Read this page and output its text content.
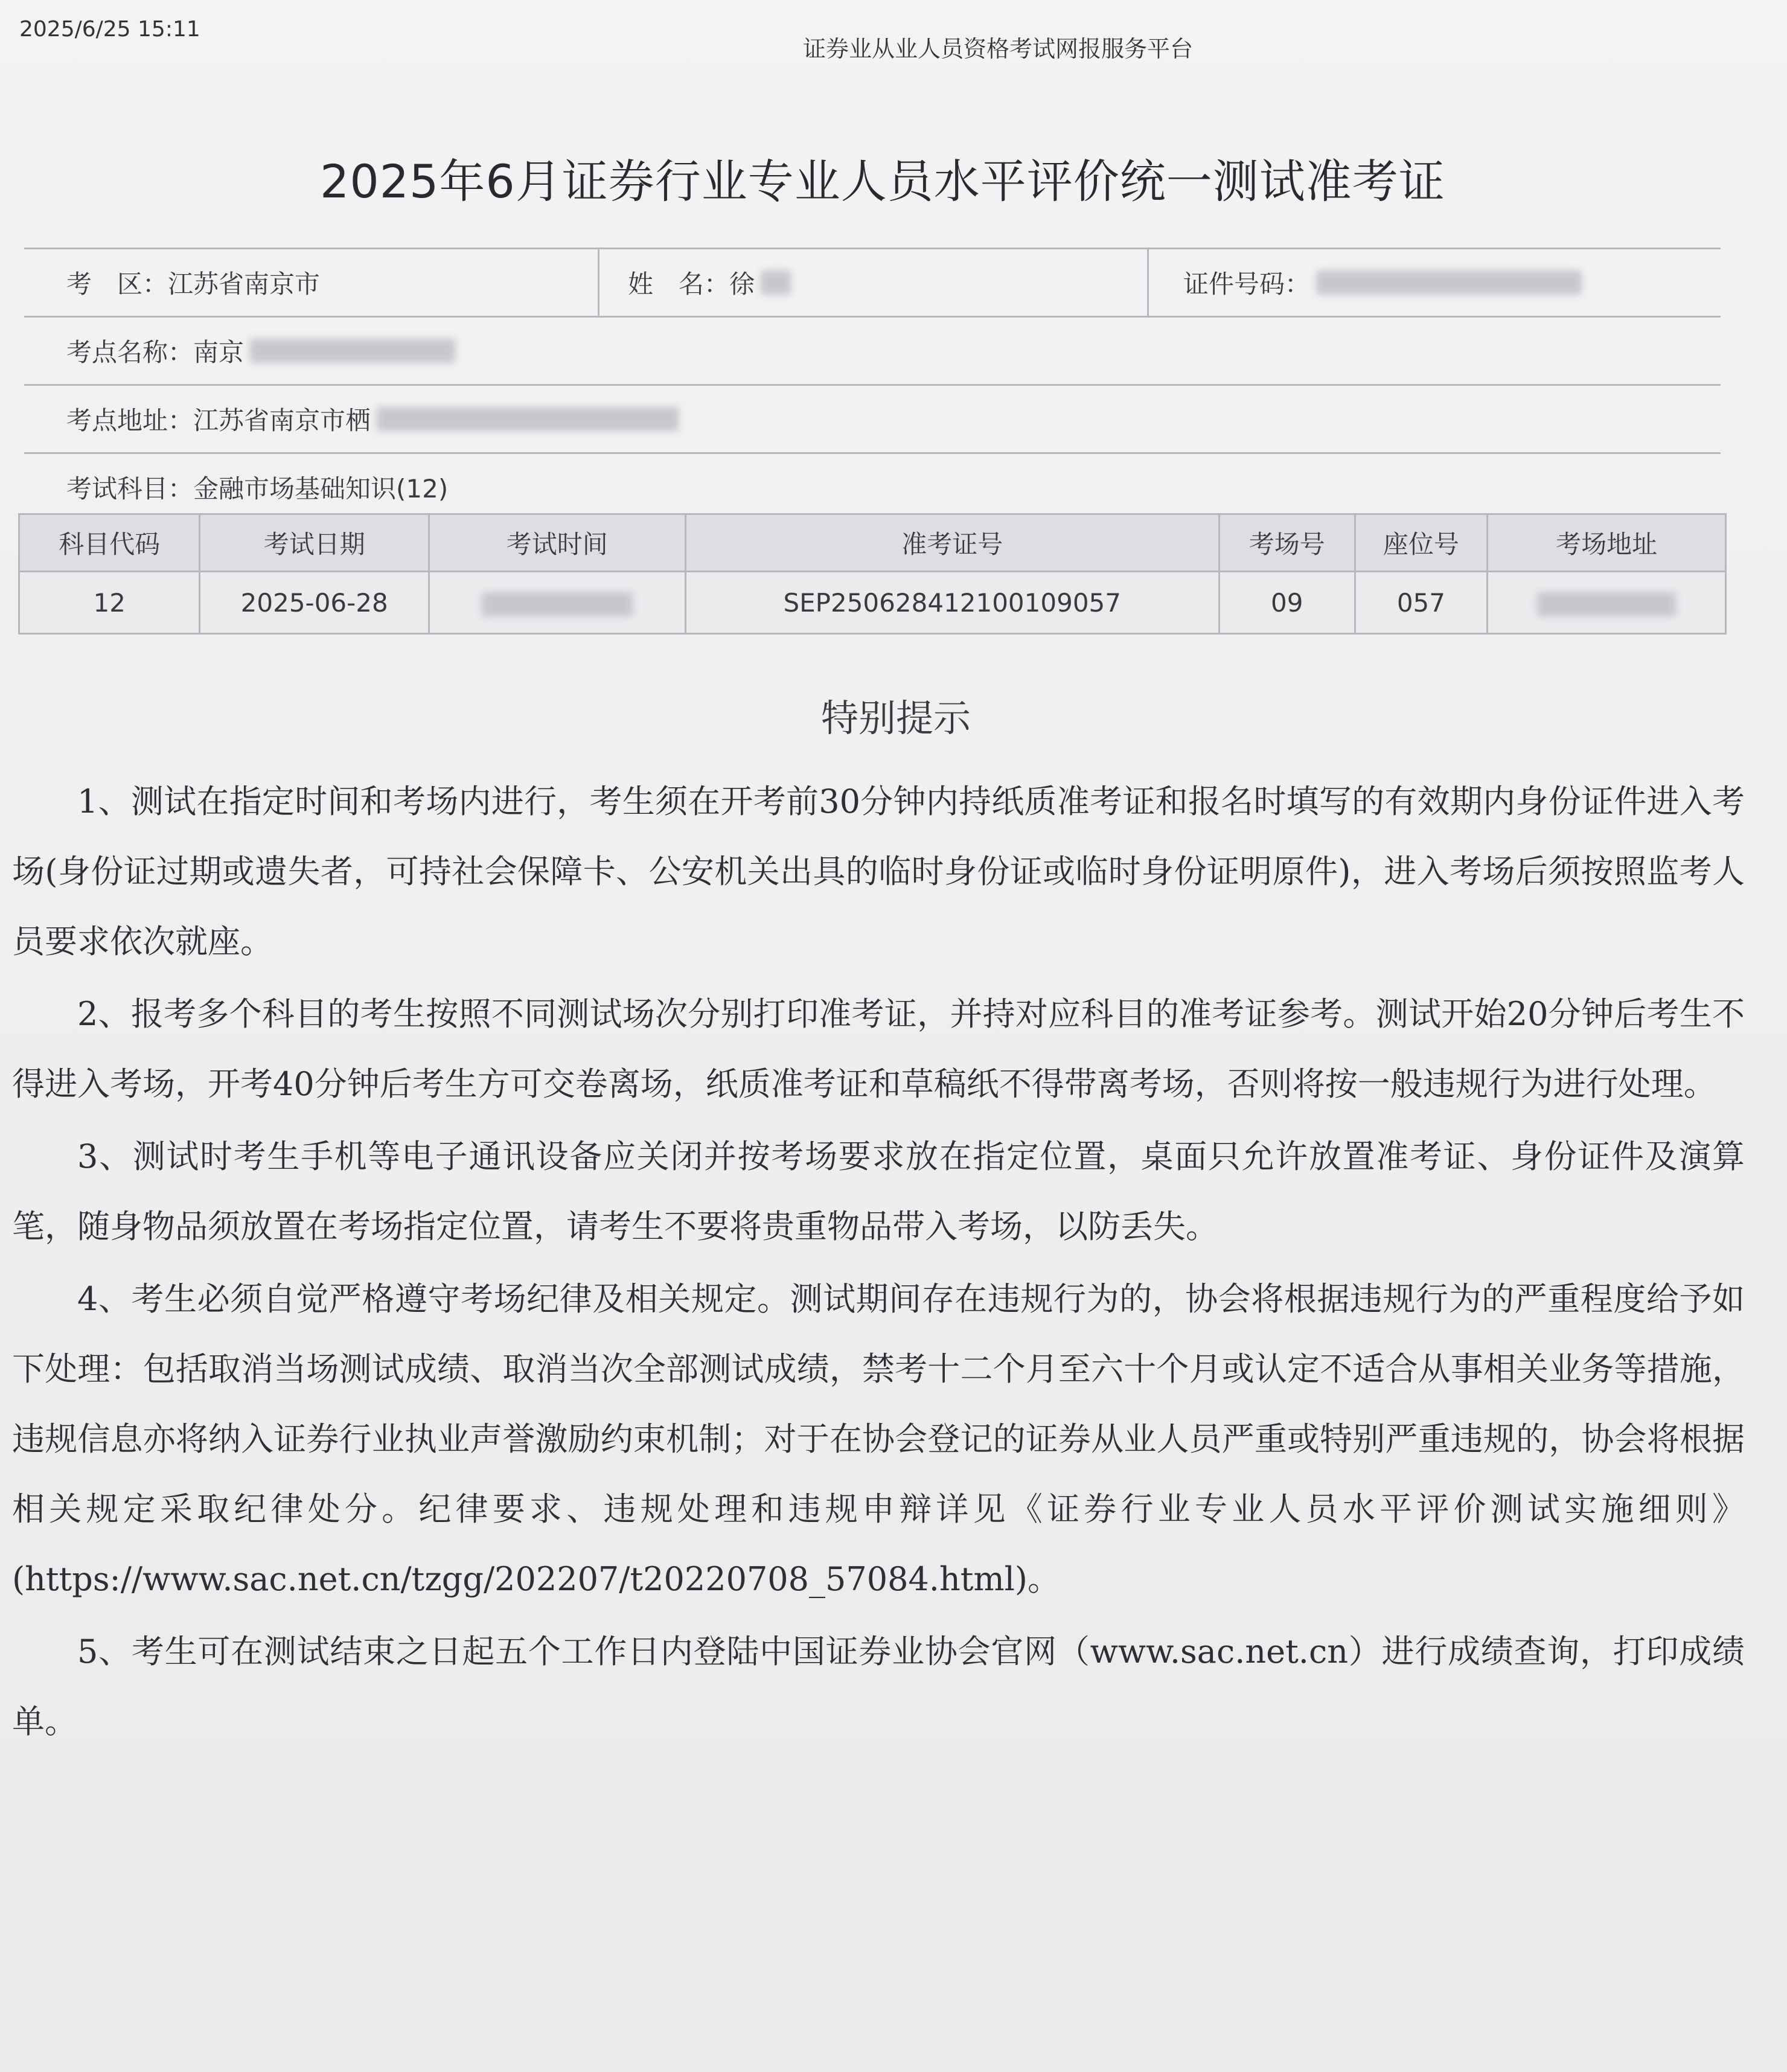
2025/6/25 15:11
证券业从业人员资格考试网报服务平台
2025年6月证券行业专业人员水平评价统一测试准考证
考　区： 江苏省南京市	姓　名： 徐	证件号码：
考点名称： 南京
考点地址： 江苏省南京市栖
考试科目： 金融市场基础知识(12)
科目代码	考试日期	考试时间	准考证号	考场号	座位号	考场地址
12	2025-06-28		SEP250628412100109057	09	057	
特别提示

1、测试在指定时间和考场内进行，考生须在开考前30分钟内持纸质准考证和报名时填写的有效期内身份证件进入考场(身份证过期或遗失者，可持社会保障卡、公安机关出具的临时身份证或临时身份证明原件)，进入考场后须按照监考人员要求依次就座。

2、报考多个科目的考生按照不同测试场次分别打印准考证，并持对应科目的准考证参考。测试开始20分钟后考生不得进入考场，开考40分钟后考生方可交卷离场，纸质准考证和草稿纸不得带离考场，否则将按一般违规行为进行处理。

3、测试时考生手机等电子通讯设备应关闭并按考场要求放在指定位置，桌面只允许放置准考证、身份证件及演算笔，随身物品须放置在考场指定位置，请考生不要将贵重物品带入考场，以防丢失。

4、考生必须自觉严格遵守考场纪律及相关规定。测试期间存在违规行为的，协会将根据违规行为的严重程度给予如下处理：包括取消当场测试成绩、取消当次全部测试成绩，禁考十二个月至六十个月或认定不适合从事相关业务等措施，违规信息亦将纳入证券行业执业声誉激励约束机制；对于在协会登记的证券从业人员严重或特别严重违规的，协会将根据相关规定采取纪律处分。纪律要求、违规处理和违规申辩详见《证券行业专业人员水平评价测试实施细则》(https://www.sac.net.cn/tzgg/202207/t20220708_57084.html)。

5、考生可在测试结束之日起五个工作日内登陆中国证券业协会官网（www.sac.net.cn）进行成绩查询，打印成绩单。
